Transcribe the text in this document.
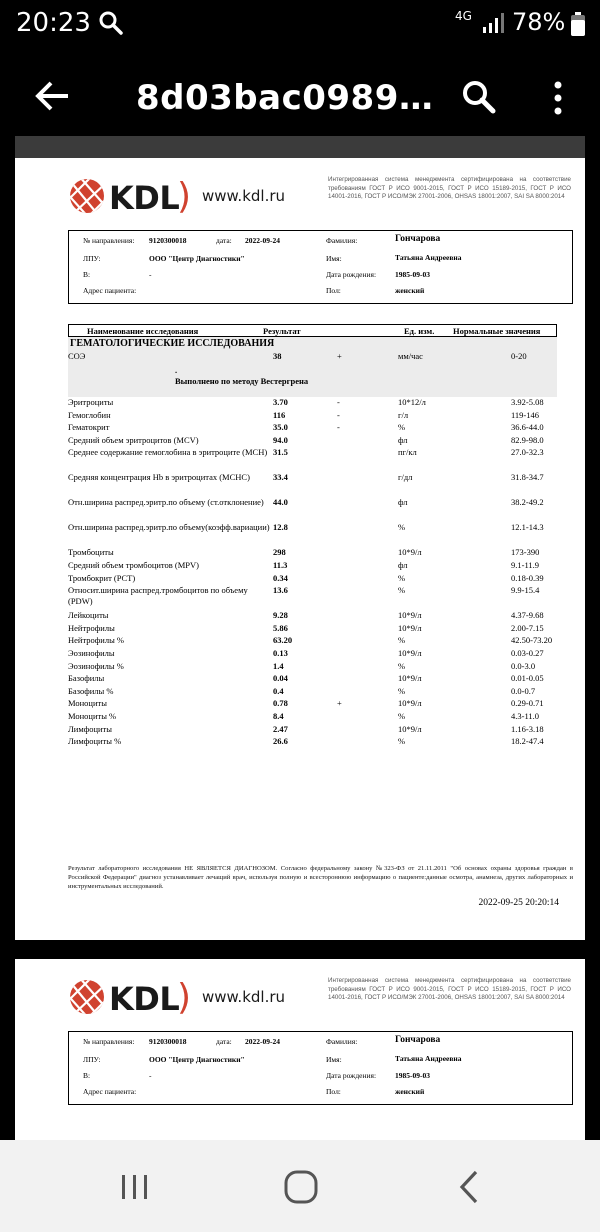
20:23	4G 78%
8d03bac0989…
KDL
) www.kdl.ru
Интегрированная система менеджмента сертифицирована на соответствие требованиям ГОСТ Р ИСО 9001-2015, ГОСТ Р ИСО 15189-2015, ГОСТ Р ИСО 14001-2016, ГОСТ Р ИСО/МЭК 27001-2006, OHSAS 18001:2007, SAI SA 8000:2014
№ направления: 9120300018	дата: 2022-09-24
ЛПУ:	ООО "Центр Диагностики"
В:	-
Адрес пациента:
Фамилия:	Гончарова
Имя:	Татьяна Андреевна
Дата рождения:	1985-09-03
Пол:	женский
Наименование исследования	Результат	Ед. изм. Нормальные значения
ГЕМАТОЛОГИЧЕСКИЕ ИССЛЕДОВАНИЯ
СОЭ	38	+	мм/час	0-20
.
Выполнено по методу Вестергрена
Эритроциты	3.70	-	10*12/л	3.92-5.08
Гемоглобин	116	-	г/л	119-146
Гематокрит	35.0	-	%	36.6-44.0
Средний объем эритроцитов (MCV)	94.0	фл	82.9-98.0
Среднее содержание гемоглобина в эритроците (MCH) 31.5	пг/кл	27.0-32.3
Средняя концентрация Hb в эритроцитах (MCHC)	33.4	г/дл	31.8-34.7
Отн.ширина распред.эритр.по объему (ст.отклонение)	44.0	фл	38.2-49.2
Отн.ширина распред.эритр.по объему(коэфф.вариации) 12.8	%	12.1-14.3
Тромбоциты	298	10*9/л	173-390
Средний объем тромбоцитов (MPV)	11.3	фл	9.1-11.9
Тромбокрит (PCT)	0.34	%	0.18-0.39
Относит.ширина распред.тромбоцитов по объему (PDW)
13.6	%	9.9-15.4
Лейкоциты	9.28	10*9/л	4.37-9.68
Нейтрофилы	5.86	10*9/л	2.00-7.15
Нейтрофилы %	63.20	%	42.50-73.20
Эозинофилы	0.13	10*9/л	0.03-0.27
Эозинофилы %	1.4	%	0.0-3.0
Базофилы	0.04	10*9/л	0.01-0.05
Базофилы %	0.4	%	0.0-0.7
Моноциты	0.78	+	10*9/л	0.29-0.71
Моноциты %	8.4	%	4.3-11.0
Лимфоциты	2.47	10*9/л	1.16-3.18
Лимфоциты %	26.6	%	18.2-47.4
Результат лабораторного исследования НЕ ЯВЛЯЕТСЯ ДИАГНОЗОМ. Согласно федеральному закону №323-ФЗ от 21.11.2011 "Об основах охраны здоровья граждан в Российской Федерации" диагноз устанавливает лечащий врач, используя полную и всестороннюю информацию о пациенте:данные осмотра, анамнеза, других лабораторных и инструментальных исследований.
2022-09-25 20:20:14
KDL
) www.kdl.ru
Интегрированная система менеджмента сертифицирована на соответствие требованиям ГОСТ Р ИСО 9001-2015, ГОСТ Р ИСО 15189-2015, ГОСТ Р ИСО 14001-2016, ГОСТ Р ИСО/МЭК 27001-2006, OHSAS 18001:2007, SAI SA 8000:2014
№ направления: 9120300018	дата: 2022-09-24
ЛПУ:	ООО "Центр Диагностики"
В:	-
Адрес пациента:
Фамилия:	Гончарова
Имя:	Татьяна Андреевна
Дата рождения:	1985-09-03
Пол:	женский
